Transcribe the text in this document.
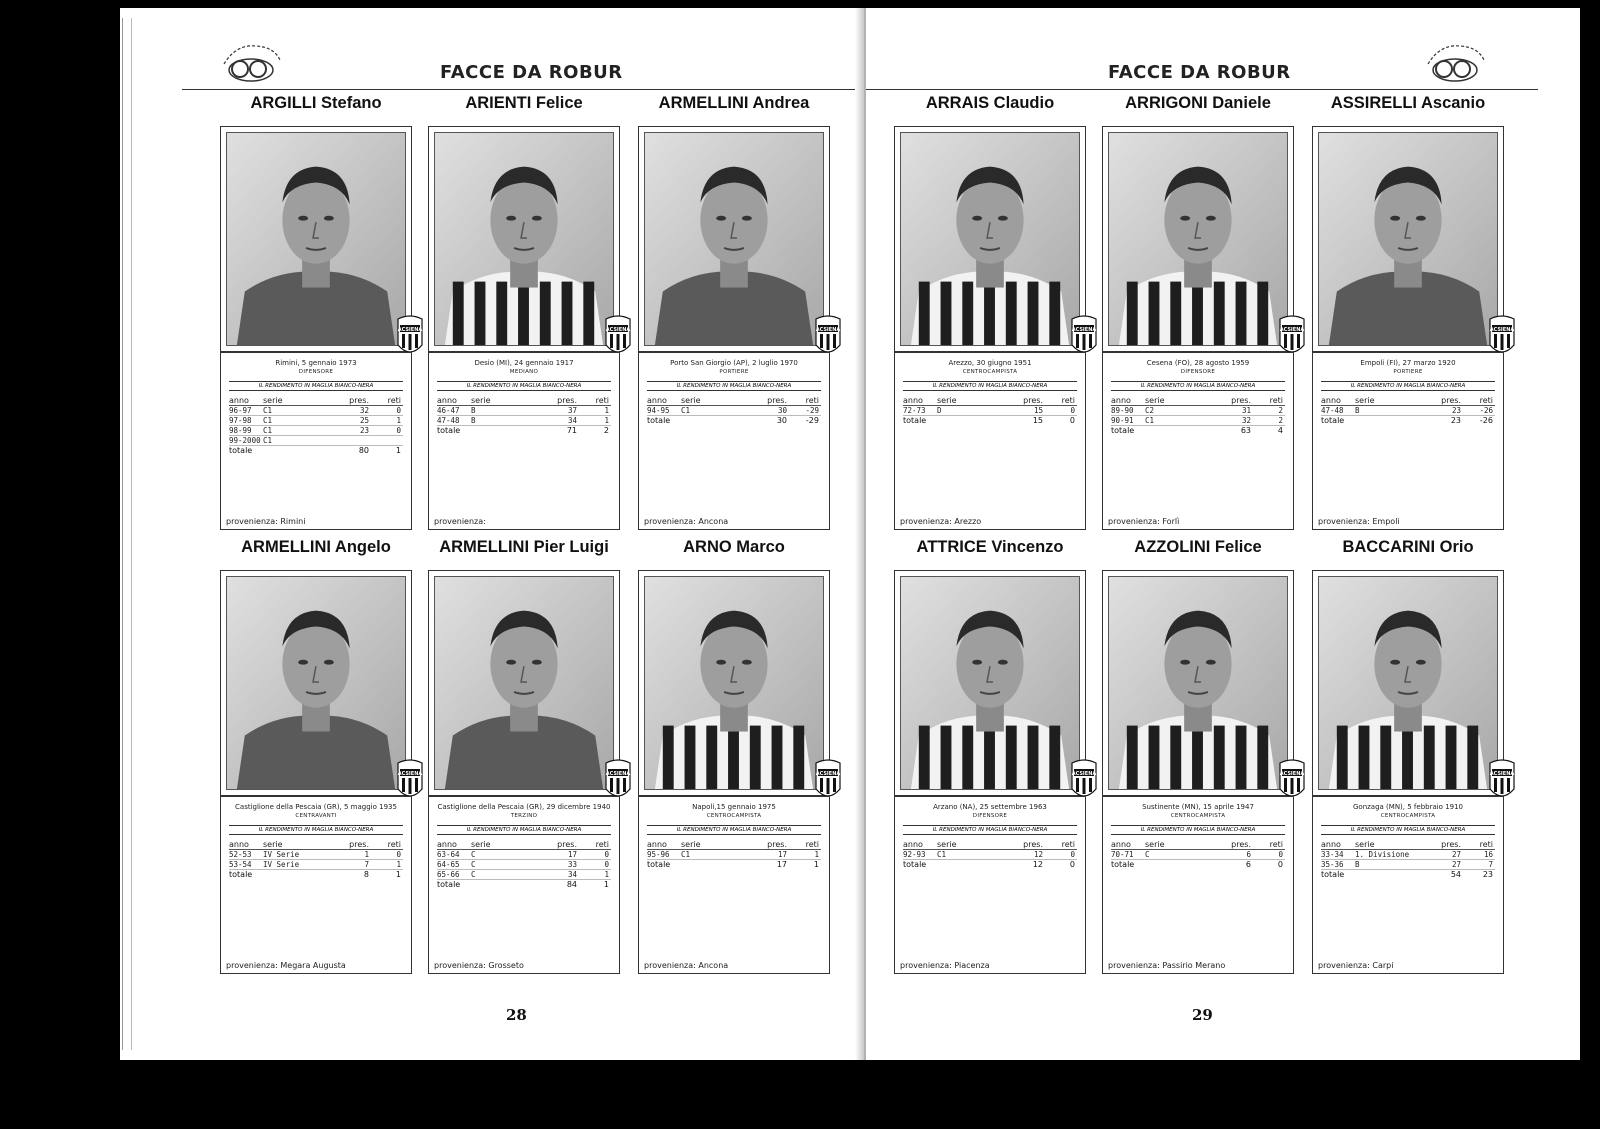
FACCE DA ROBUR
ARGILLI Stefano
ACSIENA
Rimini, 5 gennaio 1973
DIFENSORE
IL RENDIMENTO IN MAGLIA BIANCO-NERA
anno	serie	pres.	reti
96-97	C1	32	0
97-98	C1	25	1
98-99	C1	23	0
99-2000	C1		
totale		80	1
provenienza: Rimini
ARIENTI Felice
ACSIENA
Desio (MI), 24 gennaio 1917
MEDIANO
IL RENDIMENTO IN MAGLIA BIANCO-NERA
anno	serie	pres.	reti
46-47	B	37	1
47-48	B	34	1
totale		71	2
provenienza:
ARMELLINI Andrea
ACSIENA
Porto San Giorgio (AP), 2 luglio 1970
PORTIERE
IL RENDIMENTO IN MAGLIA BIANCO-NERA
anno	serie	pres.	reti
94-95	C1	30	-29
totale		30	-29
provenienza: Ancona
ARMELLINI Angelo
ACSIENA
Castiglione della Pescaia (GR), 5 maggio 1935
CENTRAVANTI
IL RENDIMENTO IN MAGLIA BIANCO-NERA
anno	serie	pres.	reti
52-53	IV Serie	1	0
53-54	IV Serie	7	1
totale		8	1
provenienza: Megara Augusta
ARMELLINI Pier Luigi
ACSIENA
Castiglione della Pescaia (GR), 29 dicembre 1940
TERZINO
IL RENDIMENTO IN MAGLIA BIANCO-NERA
anno	serie	pres.	reti
63-64	C	17	0
64-65	C	33	0
65-66	C	34	1
totale		84	1
provenienza: Grosseto
ARNO Marco
ACSIENA
Napoli,15 gennaio 1975
CENTROCAMPISTA
IL RENDIMENTO IN MAGLIA BIANCO-NERA
anno	serie	pres.	reti
95-96	C1	17	1
totale		17	1
provenienza: Ancona
28
FACCE DA ROBUR
ARRAIS Claudio
ACSIENA
Arezzo, 30 giugno 1951
CENTROCAMPISTA
IL RENDIMENTO IN MAGLIA BIANCO-NERA
anno	serie	pres.	reti
72-73	D	15	0
totale		15	0
provenienza: Arezzo
ARRIGONI Daniele
ACSIENA
Cesena (FO), 28 agosto 1959
DIFENSORE
IL RENDIMENTO IN MAGLIA BIANCO-NERA
anno	serie	pres.	reti
89-90	C2	31	2
90-91	C1	32	2
totale		63	4
provenienza: Forlì
ASSIRELLI Ascanio
ACSIENA
Empoli (FI), 27 marzo 1920
PORTIERE
IL RENDIMENTO IN MAGLIA BIANCO-NERA
anno	serie	pres.	reti
47-48	B	23	-26
totale		23	-26
provenienza: Empoli
ATTRICE Vincenzo
ACSIENA
Arzano (NA), 25 settembre 1963
DIFENSORE
IL RENDIMENTO IN MAGLIA BIANCO-NERA
anno	serie	pres.	reti
92-93	C1	12	0
totale		12	0
provenienza: Piacenza
AZZOLINI Felice
ACSIENA
Sustinente (MN), 15 aprile 1947
CENTROCAMPISTA
IL RENDIMENTO IN MAGLIA BIANCO-NERA
anno	serie	pres.	reti
70-71	C	6	0
totale		6	0
provenienza: Passirio Merano
BACCARINI Orio
ACSIENA
Gonzaga (MN), 5 febbraio 1910
CENTROCAMPISTA
IL RENDIMENTO IN MAGLIA BIANCO-NERA
anno	serie	pres.	reti
33-34	1. Divisione	27	16
35-36	B	27	7
totale		54	23
provenienza: Carpi
29
